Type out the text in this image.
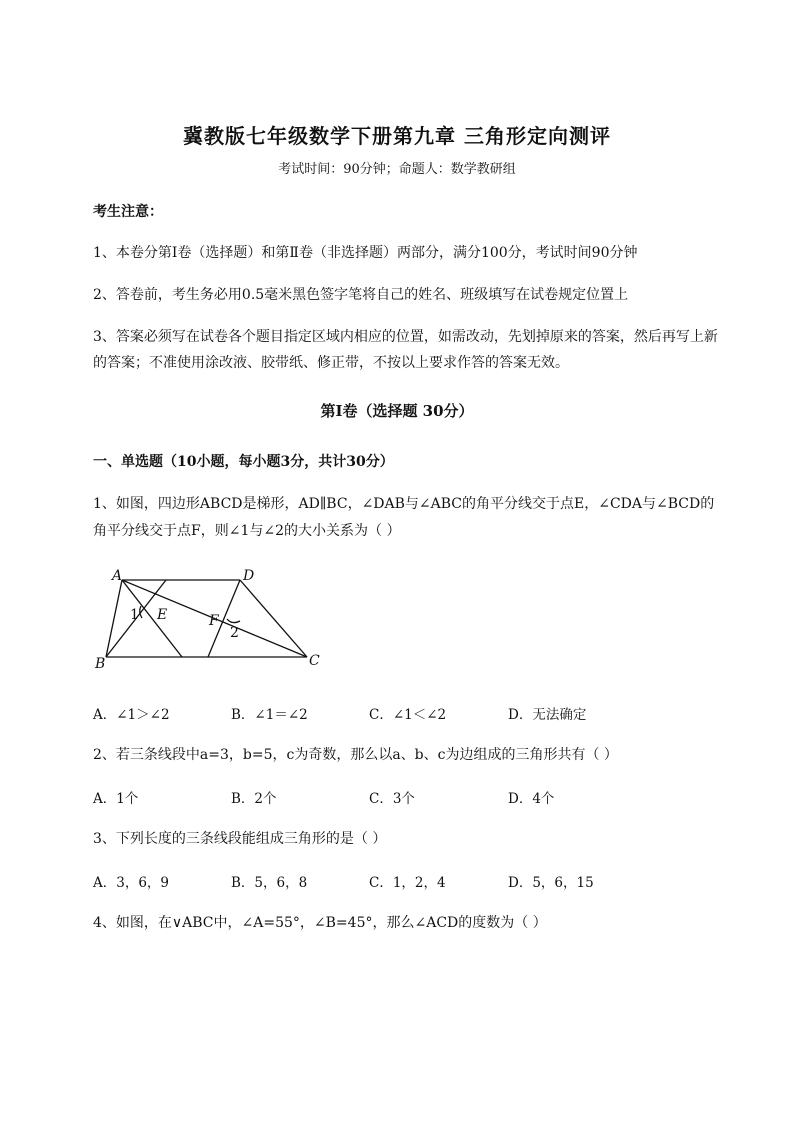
冀教版七年级数学下册第九章 三角形定向测评
考试时间：90分钟；命题人：数学教研组
考生注意：
1、本卷分第I卷（选择题）和第Ⅱ卷（非选择题）两部分，满分100分，考试时间90分钟
2、答卷前，考生务必用0.5毫米黑色签字笔将自己的姓名、班级填写在试卷规定位置上
3、答案必须写在试卷各个题目指定区域内相应的位置，如需改动，先划掉原来的答案，然后再写上新
的答案；不准使用涂改液、胶带纸、修正带，不按以上要求作答的答案无效。
第I卷（选择题 30分）
一、单选题（10小题，每小题3分，共计30分）
1、如图，四边形ABCD是梯形，AD∥BC，∠DAB与∠ABC的角平分线交于点E，∠CDA与∠BCD的
角平分线交于点F，则∠1与∠2的大小关系为（ ）
A	D
B	C
E	F
1
2
A．∠1＞∠2	B．∠1＝∠2	C．∠1＜∠2	D．无法确定
2、若三条线段中a=3，b=5，c为奇数，那么以a、b、c为边组成的三角形共有（ ）
A．1个	B．2个	C．3个	D．4个
3、下列长度的三条线段能组成三角形的是（ ）
A．3，6，9	B．5，6，8	C．1，2，4	D．5，6，15
4、如图，在∨ABC中，∠A=55°，∠B=45°，那么∠ACD的度数为（ ）
